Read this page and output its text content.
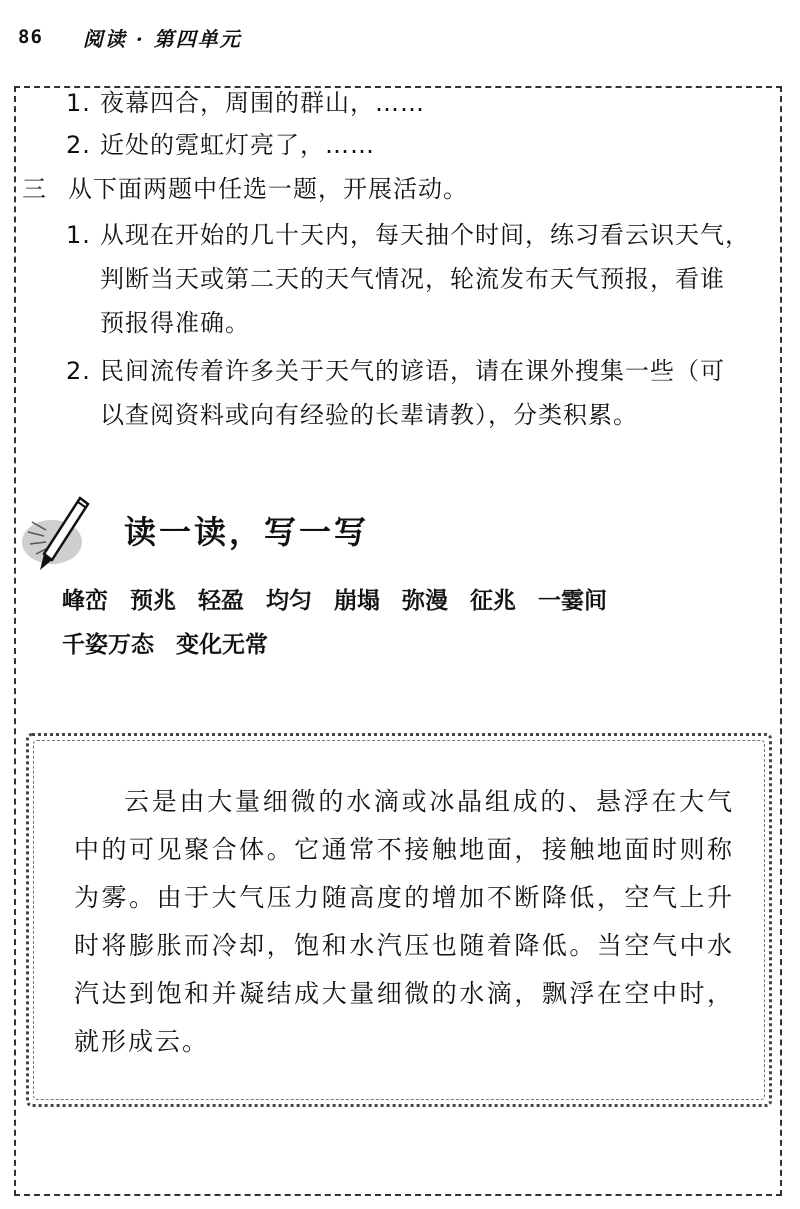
86 阅读 · 第四单元
1. 夜幕四合，周围的群山，……
2. 近处的霓虹灯亮了，……
三 从下面两题中任选一题，开展活动。
1. 从现在开始的几十天内，每天抽个时间，练习看云识天气，
判断当天或第二天的天气情况，轮流发布天气预报，看谁
预报得准确。
2. 民间流传着许多关于天气的谚语，请在课外搜集一些（可
以查阅资料或向有经验的长辈请教），分类积累。
读一读，写一写
峰峦 预兆 轻盈 均匀 崩塌 弥漫 征兆 一霎间
千姿万态 变化无常
云是由大量细微的水滴或冰晶组成的、悬浮在大气中的可见聚合体。它通常不接触地面，接触地面时则称为雾。由于大气压力随高度的增加不断降低，空气上升时将膨胀而冷却，饱和水汽压也随着降低。当空气中水汽达到饱和并凝结成大量细微的水滴，飘浮在空中时，就形成云。
